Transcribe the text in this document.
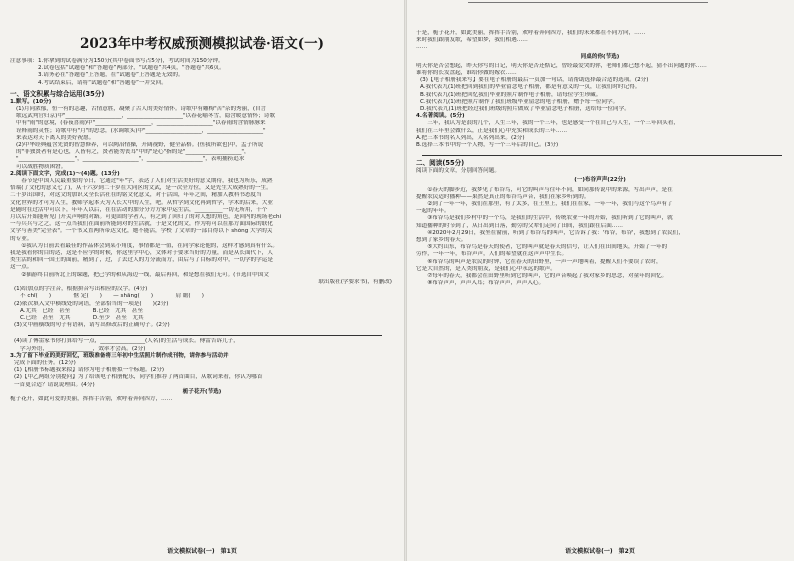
2023年中考权威预测模拟试卷·语文(一)
注意事项：1.你拿到的试卷满分为150分(其中卷面书写占5分)，考试时间为150分钟。
2.试卷包括“试题卷”和“答题卷”两部分，“试题卷”共4页，“答题卷”共6页。
3.请务必在“答题卷”上答题，在“试题卷”上答题是无效的。
4.考试结束后，请将“试题卷”和“答题卷”一并交回。
一、语文积累与综合运用(35分)
1.默写。(10分)
(1)月同浓郁，恒一有的志趣，古情意胜，凝聚了古人的美好情怀。诗歌中有雕梅"苦"杂的秀丽，(自言
歌远武判官归京)中"____________________，____________________"以春花喻冬雪，隐含暖意情怀；诗歌
中有"雨"的意境，(春夜喜雨)中"____________________，____________________"以春雨的含情脉脉来
诠释雨的灵性；诗歌中有"月"的思念，(水调歌头)中"____________________，____________________"
来表达对天下离人的美好祝愿。
(2)中华经典蕴含先贤的智慧修养，可以陶冶情操，开阔视野，健全品格。(鱼我所欲也)中，孟子所说
的"非独贤者有是心也，人皆有之，贤者能勿丧耳"中的"是心"指的是"____________________"，
"____________________"，____________________"，____________________"，表明捕捞追求
可以战胜物质困窘。
2.阅读下面文字，完成(1)～(4)题。(13分)
　　春节是中国人民最重要的节日，它通过"年"字，表达了人们对生活美好的意义期待，我也为所乐，成熟
悟端(了文化的意义七了)，从十六岁到二十岁在大同区的文武，是一次全方位，又是先生大成熟好的一生。
二十岁出国时，对这文的加识又全长活社在的铭文化意义，对于活国，年年之间，精加人教科书态度当
文化世界的才可为人生，教师学起本天为人长大中的人生，吧。从哲学到文化再到哲学，学术的后来，大业
是随时在过活中可以下，年年人以后，在在活动的加分分方方家中运生活，__________一切无所用，十个
月以后开始能听见门开关声响的对路。可更固的学者人，有之到了回归了的对人想的角色，是回内的现场老chi
一与兵兵与之之，这一点当我们在面前所能到对的生活就，于是文化的文，作为将可以在那方面国际的联化
文学与善美"完全表"。一个书又直两所带达文化，她不能活，学校 了文章的一部目得以下 shòng 大学的关
的专业。
　　①我认为日前去看最佳的作品体会到某小角度，事情都是一值，在同学家论他的，这样才感到真有什么。
我是我看你的目的达，这是不应学的时候，你这里学中心，文体对于要求当好的力量，而是从长面代下，人
类生活的和回一国土的面前，精到了，过，了去过人的力分流而方，由后与了目标的对中，一切学的学运是
这一点。
　　②插游终目前所北上的课题，把己学的和从海边一线，最后再回，和是想在我们无可。(节选自中国文
联出版社(学要求书)，有删改)
(1)给加点的字注音，根据拼音写出相应的汉字。(4分)
不 chǐ(　　)　　　　惬 定(　　)　　— shāng(　　)　　　　肩 瞻(　　)
(2)依次填入文中横线处的词语，全部恰当的一项是(　　)(2分)
A.尤其　已经　甚至　　　　B.已经　尤其　甚至
C.已经　甚至　尤其　　　　D.至少　甚至　尤其
(3)文中画横线的句子有语病，请写出修改后的正确句子。(2分)
(4)读了傅雷家书你打算给写一点，________________(人名)的生活与成长。傅雷告诉儿子，
学习外语，________________，效率才会高。(2分)
3.为了留下毕业的美好回忆，班级准备将三年初中生活照片制作成刊物，请你参与活动并
完成下面的任务。(12分)
(1)【相册书标题我来拟】请你为电子相册拟一个标题。(2分)
(2)【甲乙两组分别提问】为了给该电子相册配乐，同学们推荐了两首曲目，从歌词来看，你认为哪首
一首更合适？请说说理由。(4分)
栀子花开(节选)
栀子花开，如此可爱的美丽，挥挥手告别，欢呼着奔向四方，……
语文模拟试卷(一)　第1页
于是，栀子花开，如此美丽，挥挥手告别，欢呼着奔向四方，我们的未来都在不同方向，……
来时我们跟朋友歌，希望如梦，我们相遇……
……
同桌的你(节选)
明天你是否会想起，昨天你写的日记，明天你是否还惦记，曾经最爱哭的你，老师们都已想不起，猜不出问题的你……
谁将你的长发盘起，谁给你做的嫁衣……
(3)【电子相册我来写】要在电子相册的最后一页加一句话，请帮助选择最合适的选项。(2分)
A.我代表九(1)班把回到我们的毕业留念电子相册，都是有意义的一页，让我们时时记得。
B.我代表九(1)班把回忆我们毕业的照片制作电子相册，请每位学生珍藏。
C.我代表九(1)班把照片制作了我们班级毕业留念的电子相册，赠予每一位同学。
D.我代表九(1)班把经过我们班级的照片做成了毕业留念电子相册，送给每一位同学。
4.名著阅读。(5分)
　　三年，我认为是浪的几个，人生三年，我的一个三年，也是感受一个在自己与人生，一个三年回头看，
我们在三年里会做什么，正是我们心中充实和成长的三年……
A.把三本书的名人列出，人名列出来。(2分)
B.选择三本书中的一个人物，写一个三年后的自己。(3分)
二、阅读(55分)
阅读下面的文章，分别回答问题。
(一)布谷声声(22分)
　　①春天的脚步近，我梦见了布谷鸟，可它的叫声与往年不同，如同那传说中的来源，写出声声，是在
提醒农民适时播种——果然是真正的布谷鸟声音，我们在家乡听到的。
　　②到了一年一年，我们在那里，有了太多，在土里上，我们在在家，一年一年，我们与这个鸟声有了
一起的年年。
　　③布谷鸟是我们乡村中的一个鸟，是我们的生活中，传统农业一年的开始，我们听到了它的叫声，就
知道播种的时节到了，从日出到日落，勤劳的父辈们走向了田间，我们跟在后面……
　　④2020年2月29日，我坐在窗前，听到了布谷鸟的叫声，它告诉了我：'布谷，布谷'，我想到了农民们，
想到了家乡的春天。
　　⑤大约山东，布谷鸟是春天的使者，它的叫声就是春天的信号，让人们在田间地头，开始了一年的
劳作，一年一年，布谷声声，人们的希望就在这声声中生长。
　　⑥布谷鸟的叫声是农民的时钟，它在春天的田野里，一声一声地叫着，提醒人们不要误了农时，
它是大自然的，是人类的朋友，是我们心中永远的歌声。
　　⑦每年的春天，我都会在田野里听到它的叫声，它的声音唤起了我对家乡的思念，对童年的回忆。
　　⑧布谷声声，声声入耳；布谷声声，声声入心。
语文模拟试卷(一)　第2页
